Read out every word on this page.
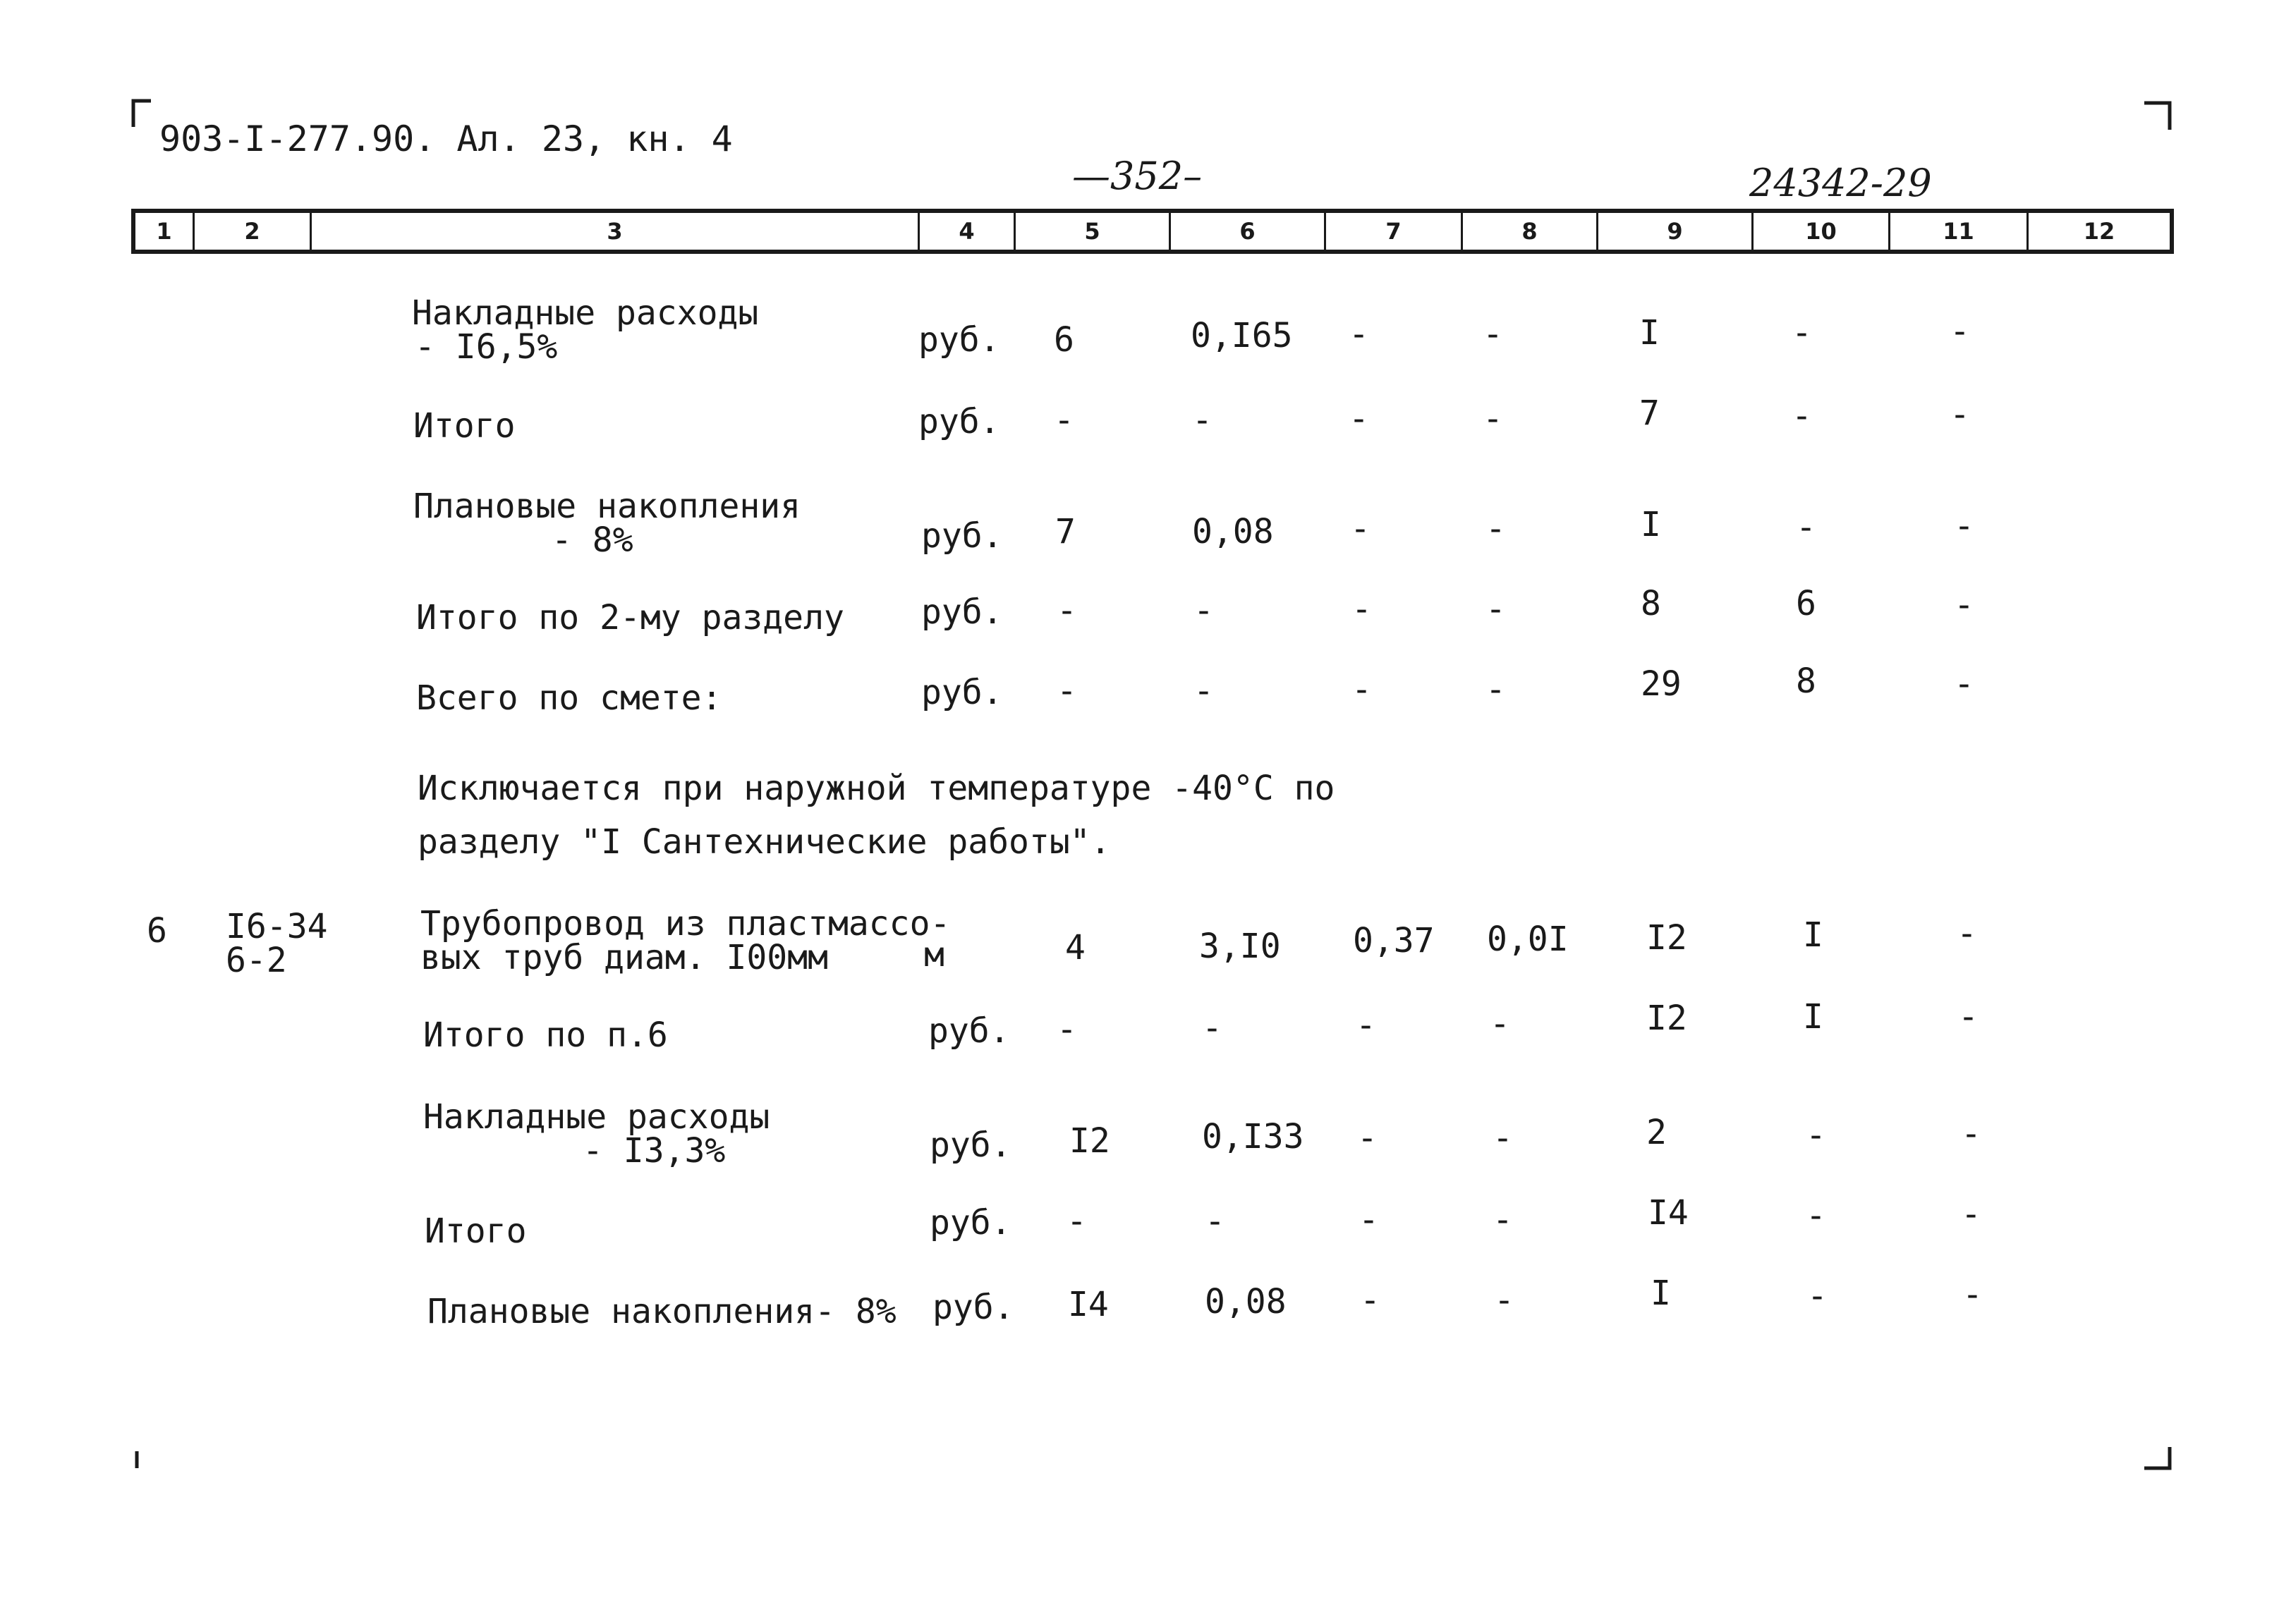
903-I-277.90. Ал. 23, кн. 4
—352–	24342-29
1	2	3	4	5	6	7	8	9	10	11	12
Накладные расходы
- I6,5%	руб. 6	0,I65 -	-	I	-	-
Итого	руб. -	-	-	-	7	-	-
Плановые накопления
- 8%	руб. 7	0,08 -	-	I	-	-
Итого по 2-му разделу руб. -	-	-	-	8	6	-
Всего по смете:	руб. -	-	-	-	29	8	-
Исключается при наружной температуре -40°С по
разделу "I Сантехнические работы".
6 I6-34
6-2
Трубопровод из пластмассо-
вых труб диам. I00мм	м	4	3,I0 0,37 0,0I I2	I	-
Итого по п.6	руб. -	-	-	-	I2	I	-
Накладные расходы
- I3,3%	руб. I2	0,I33 -	-	2	-	-
Итого	руб. -	-	-	-	I4	-	-
Плановые накопления- 8% руб. I4	0,08 -	-	I	-	-
